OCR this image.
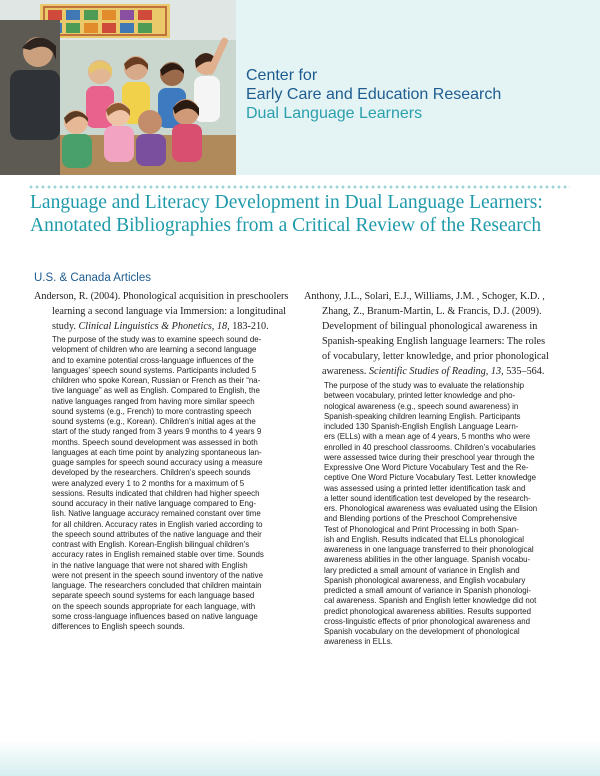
Center for
Early Care and Education Research
Dual Language Learners
Language and Literacy Development in Dual Language Learners:
Annotated Bibliographies from a Critical Review of the Research
U.S. & Canada Articles
Anderson, R. (2004). Phonological acquisition in preschoolers
learning a second language via Immersion: a longitudinal
study. Clinical Linguistics & Phonetics, 18, 183-210.
The purpose of the study was to examine speech sound de-
velopment of children who are learning a second language
and to examine potential cross-language influences of the
languages’ speech sound systems. Participants included 5
children who spoke Korean, Russian or French as their “na-
tive language” as well as English. Compared to English, the
native languages ranged from having more similar speech
sound systems (e.g., French) to more contrasting speech
sound systems (e.g., Korean). Children’s initial ages at the
start of the study ranged from 3 years 9 months to 4 years 9
months. Speech sound development was assessed in both
languages at each time point by analyzing spontaneous lan-
guage samples for speech sound accuracy using a measure
developed by the researchers. Children’s speech sounds
were analyzed every 1 to 2 months for a maximum of 5
sessions. Results indicated that children had higher speech
sound accuracy in their native language compared to Eng-
lish. Native language accuracy remained constant over time
for all children. Accuracy rates in English varied according to
the speech sound attributes of the native language and their
contrast with English. Korean-English bilingual children’s
accuracy rates in English remained stable over time. Sounds
in the native language that were not shared with English
were not present in the speech sound inventory of the native
language. The researchers concluded that children maintain
separate speech sound systems for each language based
on the speech sounds appropriate for each language, with
some cross-language influences based on native language
differences to English speech sounds.
Anthony, J.L., Solari, E.J., Williams, J.M. , Schoger, K.D. ,
Zhang, Z., Branum-Martin, L. & Francis, D.J. (2009).
Development of bilingual phonological awareness in
Spanish-speaking English language learners: The roles
of vocabulary, letter knowledge, and prior phonological
awareness. Scientific Studies of Reading, 13, 535–564.
The purpose of the study was to evaluate the relationship
between vocabulary, printed letter knowledge and pho-
nological awareness (e.g., speech sound awareness) in
Spanish-speaking children learning English. Participants
included 130 Spanish-English English Language Learn-
ers (ELLs) with a mean age of 4 years, 5 months who were
enrolled in 40 preschool classrooms. Children’s vocabularies
were assessed twice during their preschool year through the
Expressive One Word Picture Vocabulary Test and the Re-
ceptive One Word Picture Vocabulary Test. Letter knowledge
was assessed using a printed letter identification task and
a letter sound identification test developed by the research-
ers. Phonological awareness was evaluated using the Elision
and Blending portions of the Preschool Comprehensive
Test of Phonological and Print Processing in both Span-
ish and English. Results indicated that ELLs phonological
awareness in one language transferred to their phonological
awareness abilities in the other language. Spanish vocabu-
lary predicted a small amount of variance in English and
Spanish phonological awareness, and English vocabulary
predicted a small amount of variance in Spanish phonologi-
cal awareness. Spanish and English letter knowledge did not
predict phonological awareness abilities. Results supported
cross-linguistic effects of prior phonological awareness and
Spanish vocabulary on the development of phonological
awareness in ELLs.
